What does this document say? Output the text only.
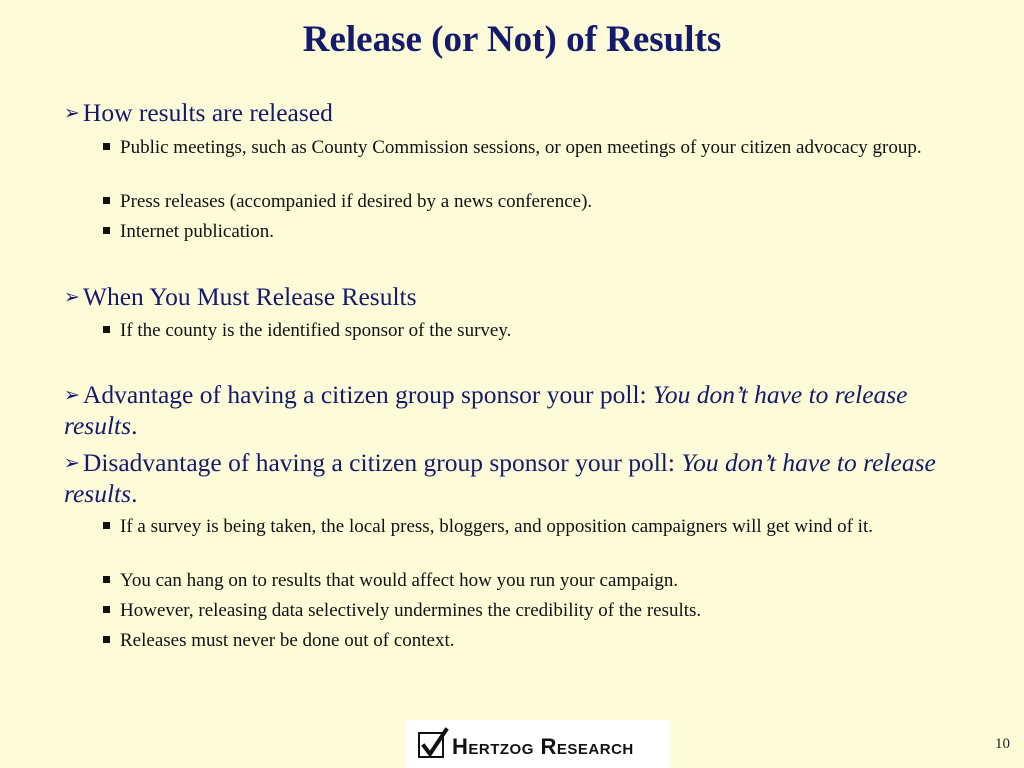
Release (or Not) of Results
➢ How results are released
Public meetings, such as County Commission sessions, or open meetings of your citizen advocacy group.
Press releases (accompanied if desired by a news conference).
Internet publication.
➢ When You Must Release Results
If the county is the identified sponsor of the survey.
➢ Advantage of having a citizen group sponsor your poll: You don’t have to release results.
➢ Disadvantage of having a citizen group sponsor your poll: You don’t have to release results.
If a survey is being taken, the local press, bloggers, and opposition campaigners will get wind of it.
You can hang on to results that would affect how you run your campaign.
However, releasing data selectively undermines the credibility of the results.
Releases must never be done out of context.
Hertzog Research	10
